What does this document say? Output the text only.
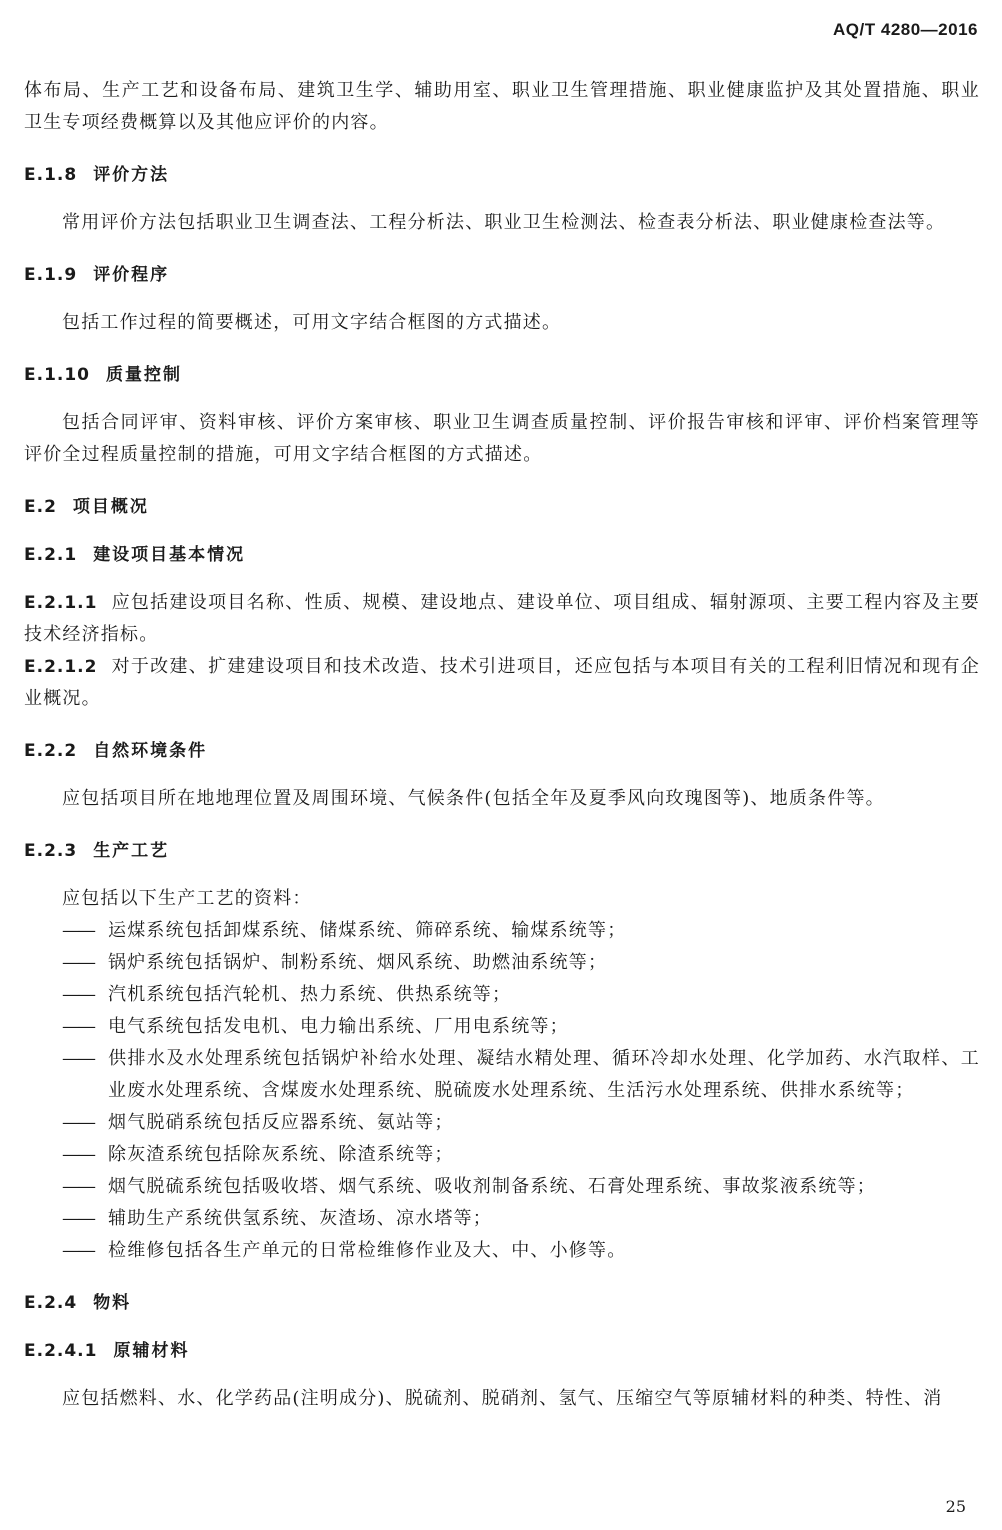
AQ/T 4280—2016

体布局、生产工艺和设备布局、建筑卫生学、辅助用室、职业卫生管理措施、职业健康监护及其处置措施、职业卫生专项经费概算以及其他应评价的内容。

E.1.8 评价方法

常用评价方法包括职业卫生调查法、工程分析法、职业卫生检测法、检查表分析法、职业健康检查法等。

E.1.9 评价程序

包括工作过程的简要概述，可用文字结合框图的方式描述。

E.1.10 质量控制

包括合同评审、资料审核、评价方案审核、职业卫生调查质量控制、评价报告审核和评审、评价档案管理等评价全过程质量控制的措施，可用文字结合框图的方式描述。

E.2 项目概况
E.2.1 建设项目基本情况

E.2.1.1 应包括建设项目名称、性质、规模、建设地点、建设单位、项目组成、辐射源项、主要工程内容及主要技术经济指标。

E.2.1.2 对于改建、扩建建设项目和技术改造、技术引进项目，还应包括与本项目有关的工程利旧情况和现有企业概况。

E.2.2 自然环境条件

应包括项目所在地地理位置及周围环境、气候条件(包括全年及夏季风向玫瑰图等)、地质条件等。

E.2.3 生产工艺

应包括以下生产工艺的资料：

—— 运煤系统包括卸煤系统、储煤系统、筛碎系统、输煤系统等；
—— 锅炉系统包括锅炉、制粉系统、烟风系统、助燃油系统等；
—— 汽机系统包括汽轮机、热力系统、供热系统等；
—— 电气系统包括发电机、电力输出系统、厂用电系统等；
—— 供排水及水处理系统包括锅炉补给水处理、凝结水精处理、循环冷却水处理、化学加药、水汽取样、工业废水处理系统、含煤废水处理系统、脱硫废水处理系统、生活污水处理系统、供排水系统等；
—— 烟气脱硝系统包括反应器系统、氨站等；
—— 除灰渣系统包括除灰系统、除渣系统等；
—— 烟气脱硫系统包括吸收塔、烟气系统、吸收剂制备系统、石膏处理系统、事故浆液系统等；
—— 辅助生产系统供氢系统、灰渣场、凉水塔等；
—— 检维修包括各生产单元的日常检维修作业及大、中、小修等。
E.2.4 物料
E.2.4.1 原辅材料

应包括燃料、水、化学药品(注明成分)、脱硫剂、脱硝剂、氢气、压缩空气等原辅材料的种类、特性、消

25
